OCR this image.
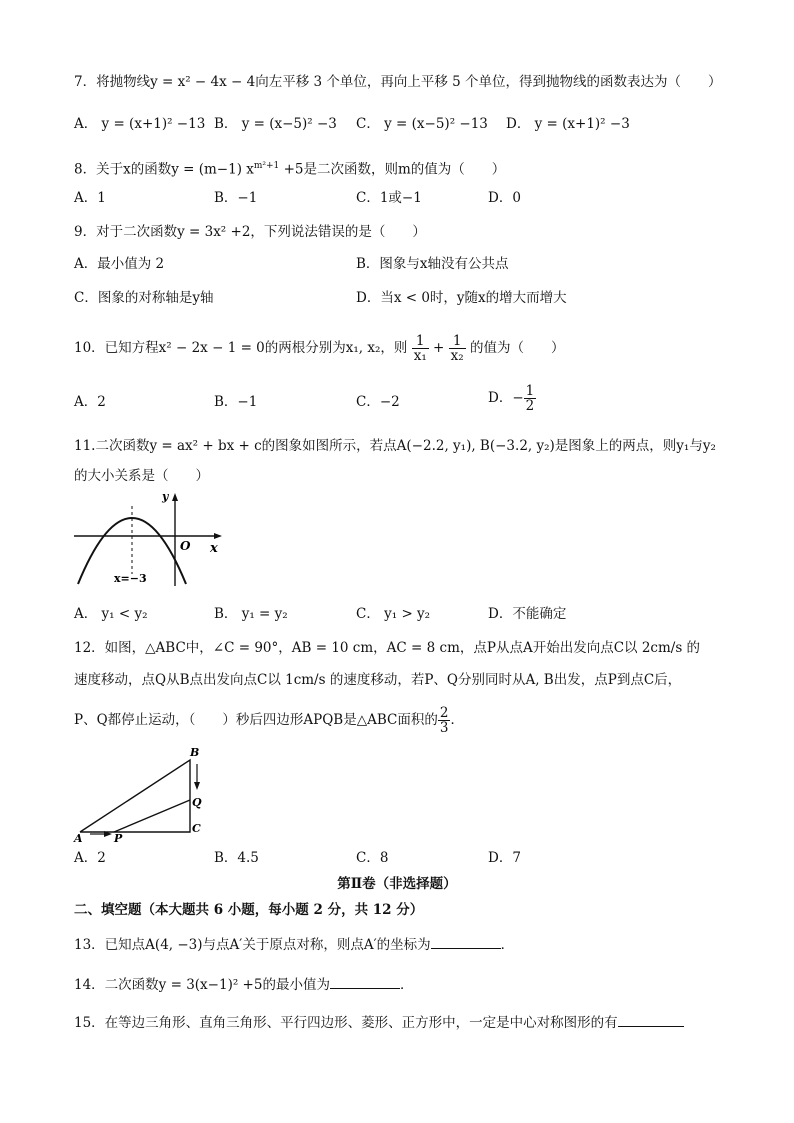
7．将抛物线y = x² − 4x − 4向左平移 3 个单位，再向上平移 5 个单位，得到抛物线的函数表达为（　　）
A． y = (x+1)² −13 B． y = (x−5)² −3 C． y = (x−5)² −13 D． y = (x+1)² −3
8．关于x的函数y = (m−1) $x^{m^2+1} +5$是二次函数，则m的值为（　　）
A．1	B．−1	C．1或−1	D．0
9．对于二次函数y = 3x² +2，下列说法错误的是（　　）
A．最小值为 2	B．图象与x轴没有公共点
C．图象的对称轴是y轴	D．当x < 0时，y随x的增大而增大
10．已知方程x² − 2x − 1 = 0的两根分别为x₁, x₂，则 $\frac{1}{\text{x₁}} + \frac{1}{\text{x₂}}$ 的值为（　　）
A．2	B．−1	C．−2	D．− $\frac{1}{2}$
11.二次函数y = ax² + bx + c的图象如图所示，若点A(−2.2, y₁), B(−3.2, y₂)是图象上的两点，则y₁与y₂
的大小关系是（　　）
y
x
O
x=−3
A． y₁ < y₂	B． y₁ = y₂	C． y₁ > y₂	D．不能确定
12．如图，△ABC中，∠C = 90°，AB = 10 cm，AC = 8 cm，点P从点A开始出发向点C以 2cm/s 的
速度移动，点Q从B点出发向点C以 1cm/s 的速度移动，若P、Q分别同时从A, B出发，点P到点C后，
P、Q都停止运动，（　　）秒后四边形APQB是△ABC面积的 $\frac{2}{3}$ ．
B
Q
C
A	P
A．2	B．4.5	C．8	D．7
第Ⅱ卷（非选择题）
二、填空题（本大题共 6 小题，每小题 2 分，共 12 分）
13．已知点A(4, −3)与点A′关于原点对称，则点A′的坐标为	．
14．二次函数y = 3(x−1)² +5的最小值为	．
15．在等边三角形、直角三角形、平行四边形、菱形、正方形中，一定是中心对称图形的有
